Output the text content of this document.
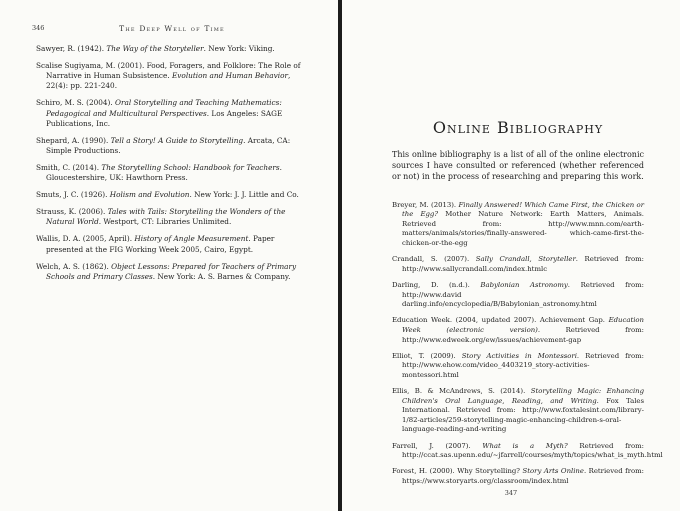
346	The Deep Well of Time
Sawyer, R. (1942). The Way of the Storyteller. New York: Viking.
Scalise Sugiyama, M. (2001). Food, Foragers, and Folklore: The Role of Narrative in Human Subsistence. Evolution and Human Behavior, 22(4): pp. 221-240.
Schiro, M. S. (2004). Oral Storytelling and Teaching Mathematics: Pedagogical and Multicultural Perspectives. Los Angeles: SAGE Publications, Inc.
Shepard, A. (1990). Tell a Story! A Guide to Storytelling. Arcata, CA: Simple Productions.
Smith, C. (2014). The Storytelling School: Handbook for Teachers. Gloucestershire, UK: Hawthorn Press.
Smuts, J. C. (1926). Holism and Evolution. New York: J. J. Little and Co.
Strauss, K. (2006). Tales with Tails: Storytelling the Wonders of the Natural World. Westport, CT: Libraries Unlimited.
Wallis, D. A. (2005, April). History of Angle Measurement. Paper presented at the FIG Working Week 2005, Cairo, Egypt.
Welch, A. S. (1862). Object Lessons: Prepared for Teachers of Primary Schools and Primary Classes. New York: A. S. Barnes & Company.
Online Bibliography
This online bibliography is a list of all of the online electronic sources I have consulted or referenced (whether referenced or not) in the process of researching and preparing this work.
Breyer, M. (2013). Finally Answered! Which Came First, the Chicken or the Egg? Mother Nature Network: Earth Matters, Animals. Retrieved from: http://www.mnn.com/earth-matters/animals/stories/finally-answered- which-came-first-the-chicken-or-the-egg
Crandall, S. (2007). Sally Crandall, Storyteller. Retrieved from: http://www.sallycrandall.com/index.htmlc
Darling, D. (n.d.). Babylonian Astronomy. Retrieved from: http://www.david darling.info/encyclopedia/B/Babylonian_astronomy.html
Education Week. (2004, updated 2007). Achievement Gap. Education Week (electronic version). Retrieved from: http://www.edweek.org/ew/issues/achievement-gap
Elliot, T. (2009). Story Activities in Montessori. Retrieved from: http://www.ehow.com/video_4403219_story-activities-montessori.html
Ellis, B. & McAndrews, S. (2014). Storytelling Magic: Enhancing Children's Oral Language, Reading, and Writing. Fox Tales International. Retrieved from: http://www.foxtalesint.com/library-1/82-articles/259-storytelling-magic-enhancing-children-s-oral-language-reading-and-writing
Farrell, J. (2007). What is a Myth? Retrieved from: http://ccat.sas.upenn.edu/~jfarrell/courses/myth/topics/what_is_myth.html
Forest, H. (2000). Why Storytelling? Story Arts Online. Retrieved from: https://www.storyarts.org/classroom/index.html
347
